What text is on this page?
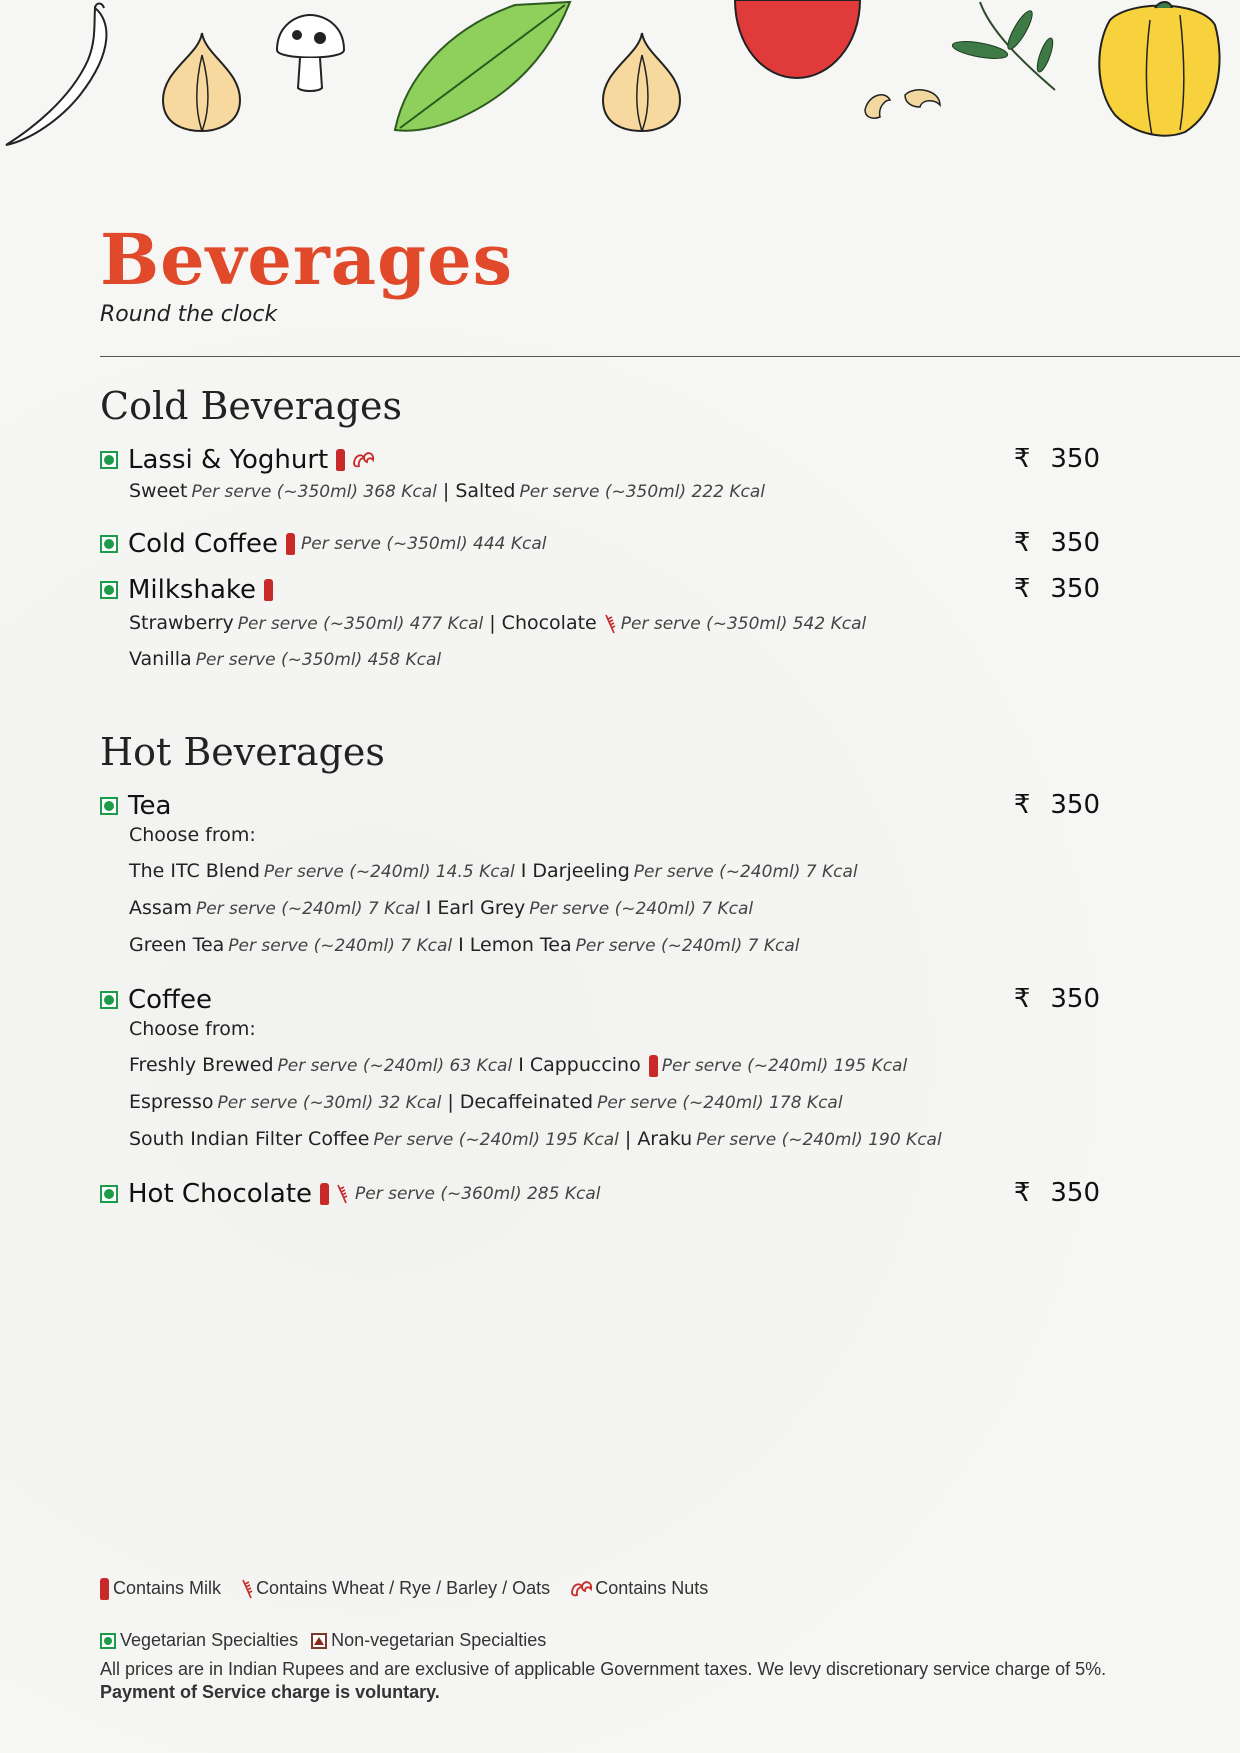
Beverages
Round the clock
Cold Beverages
Lassi & Yoghurt	₹ 350
Sweet Per serve (~350ml) 368 Kcal | Salted Per serve (~350ml) 222 Kcal
Cold Coffee Per serve (~350ml) 444 Kcal	₹ 350
Milkshake	₹ 350
Strawberry Per serve (~350ml) 477 Kcal | Chocolate Per serve (~350ml) 542 Kcal
Vanilla Per serve (~350ml) 458 Kcal
Hot Beverages
Tea	₹ 350
Choose from:
The ITC Blend Per serve (~240ml) 14.5 Kcal I Darjeeling Per serve (~240ml) 7 Kcal
Assam Per serve (~240ml) 7 Kcal I Earl Grey Per serve (~240ml) 7 Kcal
Green Tea Per serve (~240ml) 7 Kcal I Lemon Tea Per serve (~240ml) 7 Kcal
Coffee	₹ 350
Choose from:
Freshly Brewed Per serve (~240ml) 63 Kcal I Cappuccino Per serve (~240ml) 195 Kcal
Espresso Per serve (~30ml) 32 Kcal | Decaffeinated Per serve (~240ml) 178 Kcal
South Indian Filter Coffee Per serve (~240ml) 195 Kcal | Araku Per serve (~240ml) 190 Kcal
Hot Chocolate	Per serve (~360ml) 285 Kcal	₹ 350
Contains Milk Contains Wheat / Rye / Barley / Oats	Contains Nuts
Vegetarian Specialties Non-vegetarian Specialties
All prices are in Indian Rupees and are exclusive of applicable Government taxes. We levy discretionary service charge of 5%.
Payment of Service charge is voluntary.
